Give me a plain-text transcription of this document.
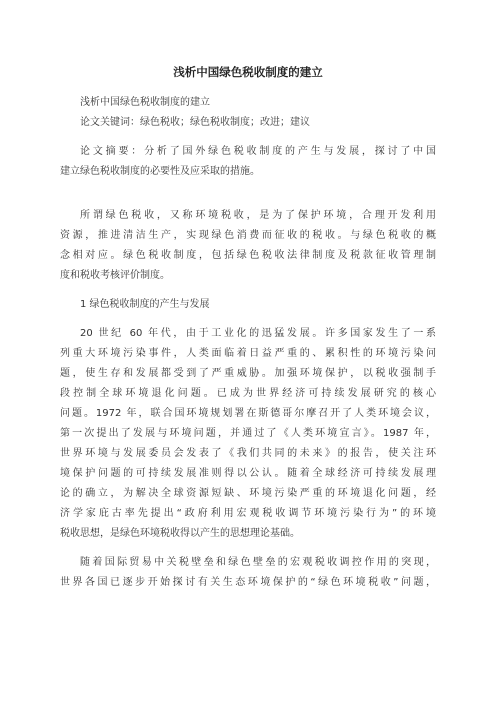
浅析中国绿色税收制度的建立
浅析中国绿色税收制度的建立
论文关键词：绿色税收；绿色税收制度；改进；建议
论文摘要：分析了国外绿色税收制度的产生与发展，探讨了中国
建立绿色税收制度的必要性及应采取的措施。
所谓绿色税收，又称环境税收，是为了保护环境，合理开发利用
资源，推进清洁生产，实现绿色消费而征收的税收。与绿色税收的概
念相对应。绿色税收制度，包括绿色税收法律制度及税款征收管理制
度和税收考核评价制度。
1 绿色税收制度的产生与发展
20 世纪 60 年代，由于工业化的迅猛发展。许多国家发生了一系
列重大环境污染事件，人类面临着日益严重的、累积性的环境污染问
题，使生存和发展都受到了严重威胁。加强环境保护，以税收强制手
段控制全球环境退化问题。已成为世界经济可持续发展研究的核心
问题。1972 年，联合国环境规划署在斯德哥尔摩召开了人类环境会议，
第一次提出了发展与环境问题，并通过了《人类环境宣言》。1987 年，
世界环境与发展委员会发表了《我们共同的未来》的报告，使关注环
境保护问题的可持续发展准则得以公认。随着全球经济可持续发展理
论的确立，为解决全球资源短缺、环境污染严重的环境退化问题，经
济学家庇古率先提出“政府利用宏观税收调节环境污染行为”的环境
税收思想，是绿色环境税收得以产生的思想理论基础。
随着国际贸易中关税壁垒和绿色壁垒的宏观税收调控作用的突现，
世界各国已逐步开始探讨有关生态环境保护的“绿色环境税收”问题，
